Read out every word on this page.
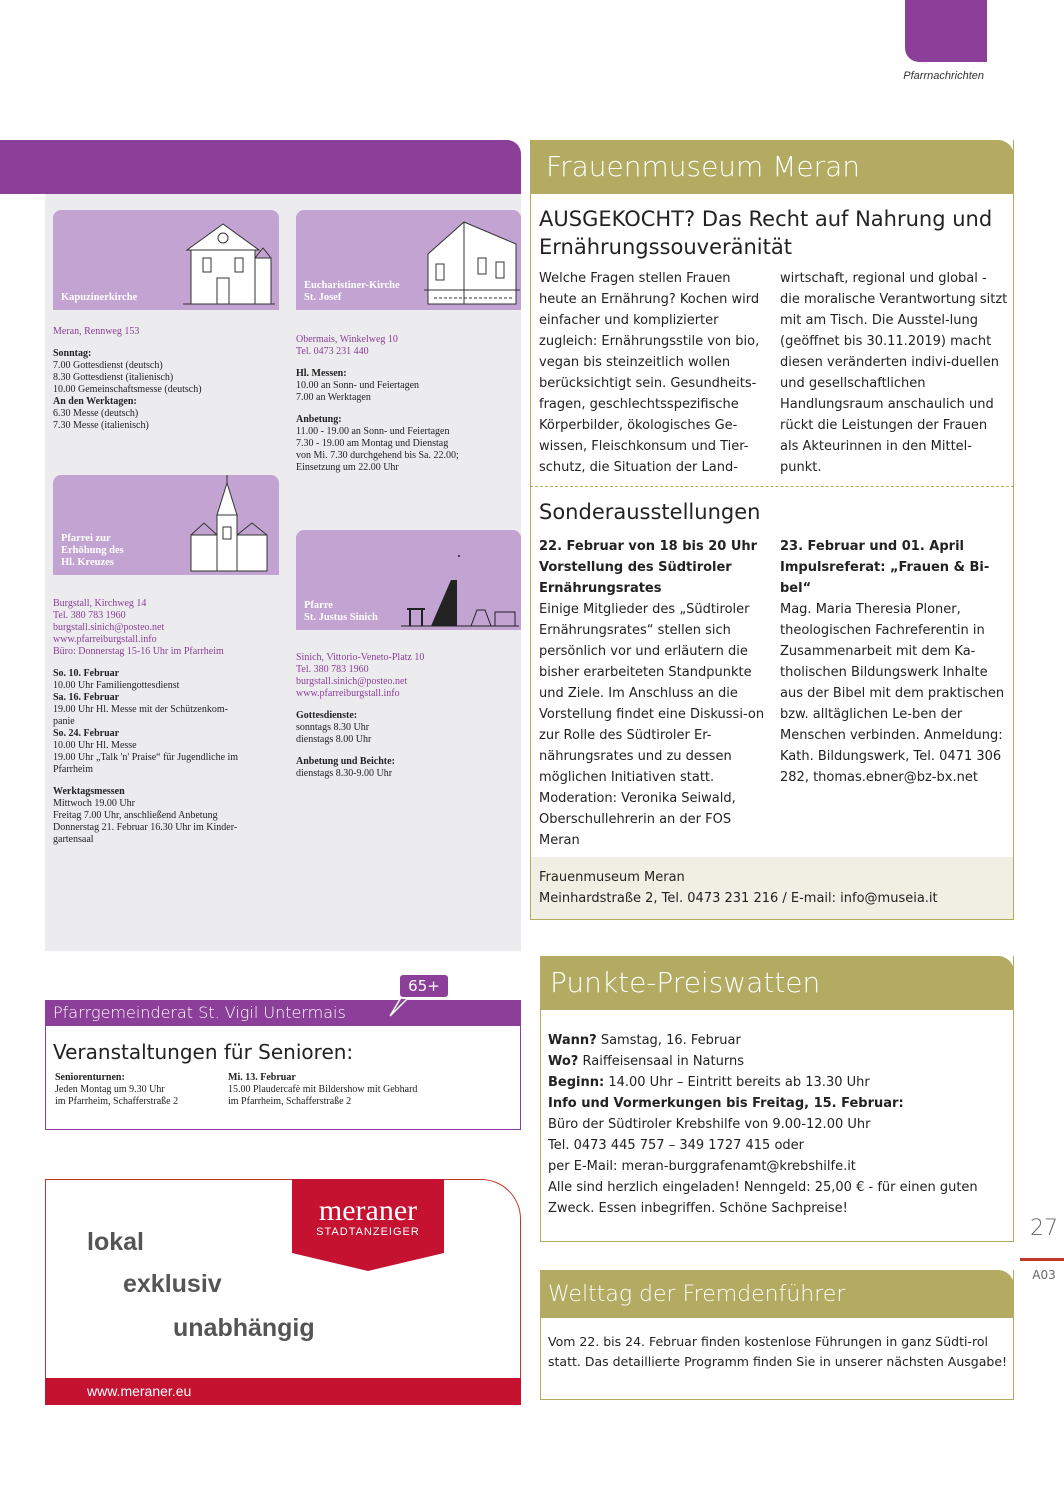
Pfarrnachrichten
Kapuzinerkirche
Meran, Rennweg 153
Sonntag:
7.00 Gottesdienst (deutsch)
8.30 Gottesdienst (italienisch)
10.00 Gemeinschaftsmesse (deutsch)
An den Werktagen:
6.30 Messe (deutsch)
7.30 Messe (italienisch)
Eucharistiner-Kirche
St. Josef
Obermais, Winkelweg 10
Tel. 0473 231 440
Hl. Messen:
10.00 an Sonn- und Feiertagen
7.00 an Werktagen
Anbetung:
11.00 - 19.00 an Sonn- und Feiertagen
7.30 - 19.00 am Montag und Dienstag
von Mi. 7.30 durchgehend bis Sa. 22.00;
Einsetzung um 22.00 Uhr
Pfarrei zur
Erhöhung des
Hl. Kreuzes
Burgstall, Kirchweg 14
Tel. 380 783 1960
burgstall.sinich@posteo.net
www.pfarreiburgstall.info
Büro: Donnerstag 15-16 Uhr im Pfarrheim
So. 10. Februar
10.00 Uhr Familiengottesdienst
Sa. 16. Februar
19.00 Uhr Hl. Messe mit der Schützenkom-
panie
So. 24. Februar
10.00 Uhr Hl. Messe
19.00 Uhr „Talk 'n' Praise“ für Jugendliche im
Pfarrheim
Werktagsmessen
Mittwoch 19.00 Uhr
Freitag 7.00 Uhr, anschließend Anbetung
Donnerstag 21. Februar 16.30 Uhr im Kinder-
gartensaal
Pfarre
St. Justus Sinich
Sinich, Vittorio-Veneto-Platz 10
Tel. 380 783 1960
burgstall.sinich@posteo.net
www.pfarreiburgstall.info
Gottesdienste:
sonntags 8.30 Uhr
dienstags 8.00 Uhr
Anbetung und Beichte:
dienstags 8.30-9.00 Uhr
Frauenmuseum Meran
AUSGEKOCHT? Das Recht auf Nahrung und Ernährungssouveränität
Welche Fragen stellen Frauen heute an Ernährung? Kochen wird einfacher und komplizierter zugleich: Ernährungsstile von bio, vegan bis steinzeitlich wollen berücksichtigt sein. Gesundheits-fragen, geschlechtsspezifische Körperbilder, ökologisches Ge-wissen, Fleischkonsum und Tier-schutz, die Situation der Land-
wirtschaft, regional und global - die moralische Verantwortung sitzt mit am Tisch. Die Ausstel-lung (geöffnet bis 30.11.2019) macht diesen veränderten indivi-duellen und gesellschaftlichen Handlungsraum anschaulich und rückt die Leistungen der Frauen als Akteurinnen in den Mittel-punkt.
Sonderausstellungen
22. Februar von 18 bis 20 Uhr Vorstellung des Südtiroler Ernährungsrates
Einige Mitglieder des „Südtiroler Ernährungsrates“ stellen sich persönlich vor und erläutern die bisher erarbeiteten Standpunkte und Ziele. Im Anschluss an die Vorstellung findet eine Diskussi-on zur Rolle des Südtiroler Er-nährungsrates und zu dessen möglichen Initiativen statt. Moderation: Veronika Seiwald, Oberschullehrerin an der FOS Meran
23. Februar und 01. April Impulsreferat: „Frauen & Bi-bel“
Mag. Maria Theresia Ploner, theologischen Fachreferentin in Zusammenarbeit mit dem Ka-tholischen Bildungswerk Inhalte aus der Bibel mit dem praktischen bzw. alltäglichen Le-ben der Menschen verbinden. Anmeldung: Kath. Bildungswerk, Tel. 0471 306 282, thomas.ebner@bz-bx.net
Frauenmuseum Meran
Meinhardstraße 2, Tel. 0473 231 216 / E-mail: info@museia.it
Punkte-Preiswatten
Wann? Samstag, 16. Februar
Wo? Raiffeisensaal in Naturns
Beginn: 14.00 Uhr – Eintritt bereits ab 13.30 Uhr
Info und Vormerkungen bis Freitag, 15. Februar:
Büro der Südtiroler Krebshilfe von 9.00-12.00 Uhr
Tel. 0473 445 757 – 349 1727 415 oder
per E-Mail: meran-burggrafenamt@krebshilfe.it
Alle sind herzlich eingeladen! Nenngeld: 25,00 € - für einen guten Zweck. Essen inbegriffen. Schöne Sachpreise!
27
A03
Welttag der Fremdenführer
Vom 22. bis 24. Februar finden kostenlose Führungen in ganz Südti-rol statt. Das detaillierte Programm finden Sie in unserer nächsten Ausgabe!
Pfarrgemeinderat St. Vigil Untermais
65+
Veranstaltungen für Senioren:
Seniorenturnen:
Jeden Montag um 9.30 Uhr
im Pfarrheim, Schafferstraße 2
Mi. 13. Februar
15.00 Plaudercafè mit Bildershow mit Gebhard
im Pfarrheim, Schafferstraße 2
meraner
STADTANZEIGER
lokal
exklusiv
unabhängig
www.meraner.eu
